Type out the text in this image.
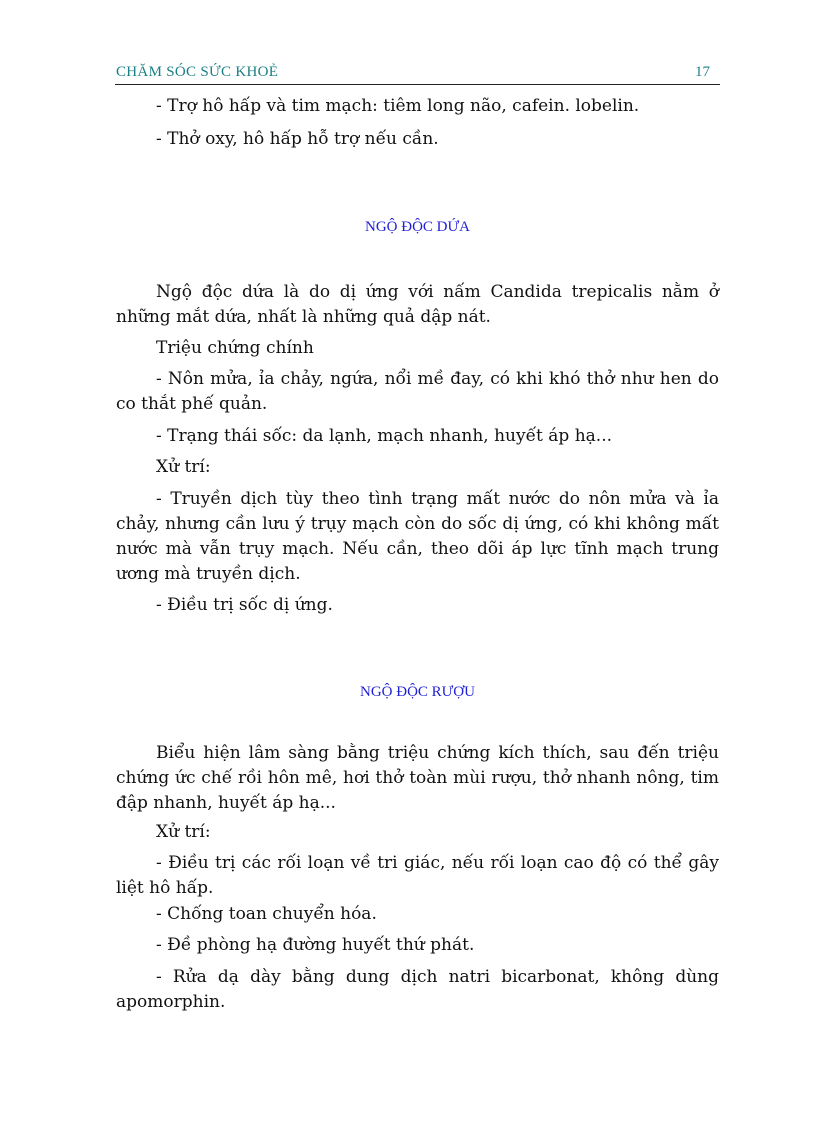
CHĂM SÓC SỨC KHOẺ	17
- Trợ hô hấp và tim mạch: tiêm long não, cafein. lobelin.
- Thở oxy, hô hấp hỗ trợ nếu cần.
NGỘ ĐỘC DỨA
Ngộ độc dứa là do dị ứng với nấm Candida trepicalis nằm ở những mắt dứa, nhất là những quả dập nát.
Triệu chứng chính
- Nôn mửa, ỉa chảy, ngứa, nổi mề đay, có khi khó thở như hen do co thắt phế quản.
- Trạng thái sốc: da lạnh, mạch nhanh, huyết áp hạ...
Xử trí:
- Truyền dịch tùy theo tình trạng mất nước do nôn mửa và ỉa chảy, nhưng cần lưu ý trụy mạch còn do sốc dị ứng, có khi không mất nước mà vẫn trụy mạch. Nếu cần, theo dõi áp lực tĩnh mạch trung ương mà truyền dịch.
- Điều trị sốc dị ứng.
NGỘ ĐỘC RƯỢU
Biểu hiện lâm sàng bằng triệu chứng kích thích, sau đến triệu chứng ức chế rồi hôn mê, hơi thở toàn mùi rượu, thở nhanh nông, tim đập nhanh, huyết áp hạ...
Xử trí:
- Điều trị các rối loạn về tri giác, nếu rối loạn cao độ có thể gây liệt hô hấp.
- Chống toan chuyển hóa.
- Đề phòng hạ đường huyết thứ phát.
- Rửa dạ dày bằng dung dịch natri bicarbonat, không dùng apomorphin.
